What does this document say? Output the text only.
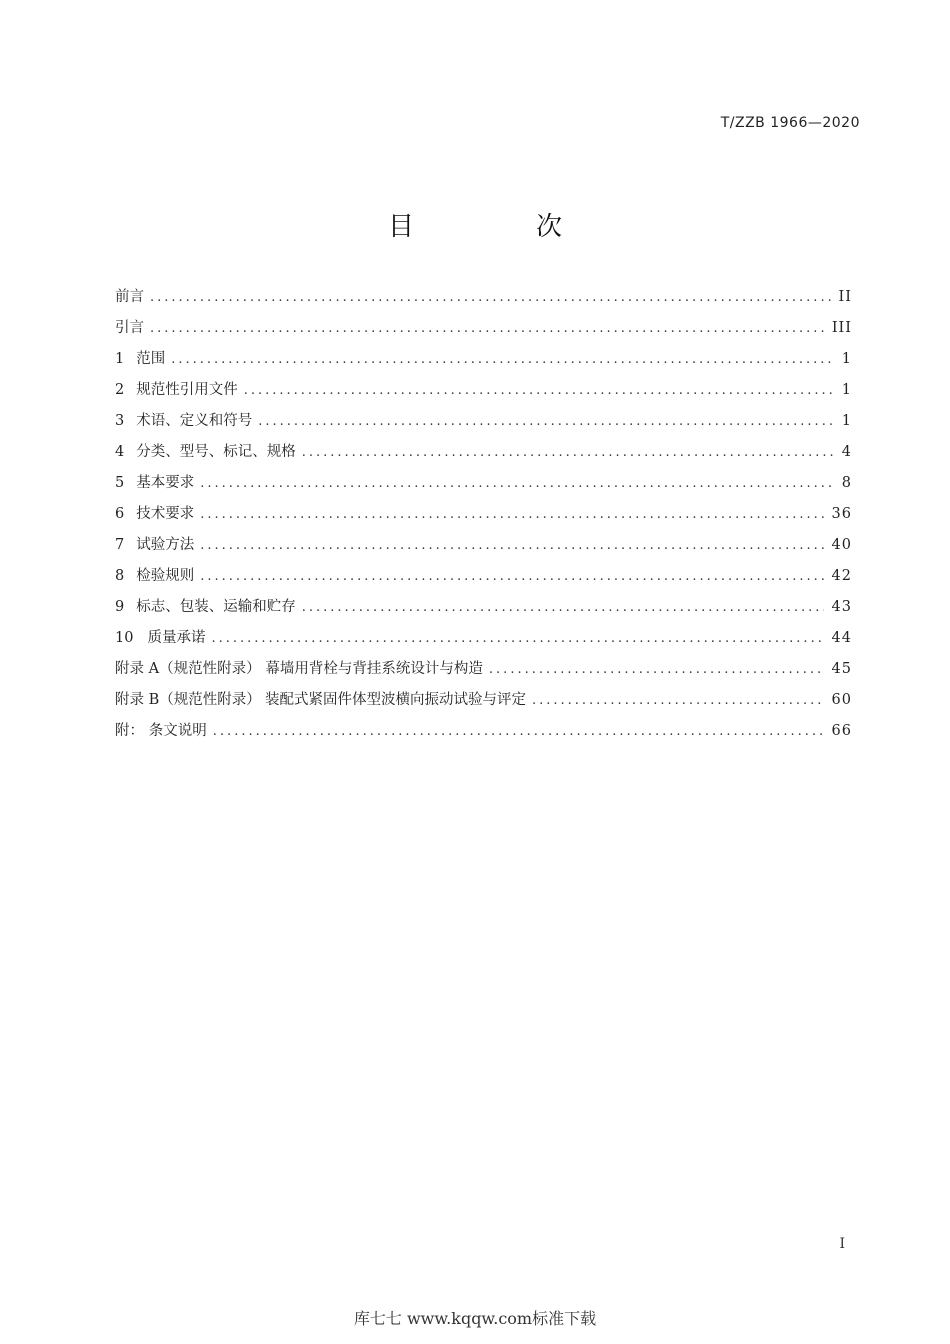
T/ZZB 1966—2020
目　次
前言 .....	II
引言 .....	III
1 范围 .....	1
2 规范性引用文件 .....	1
3 术语、定义和符号 .....	1
4 分类、型号、标记、规格 .....	4
5 基本要求 .....	8
6 技术要求 .....	36
7 试验方法 .....	40
8 检验规则 .....	42
9 标志、包装、运输和贮存 .....	43
10 质量承诺 .....	44
附录 A（规范性附录） 幕墙用背栓与背挂系统设计与构造 .....	45
附录 B（规范性附录） 装配式紧固件体型波横向振动试验与评定 .....	60
附： 条文说明 .....	66
I
库七七 www.kqqw.com标准下载
